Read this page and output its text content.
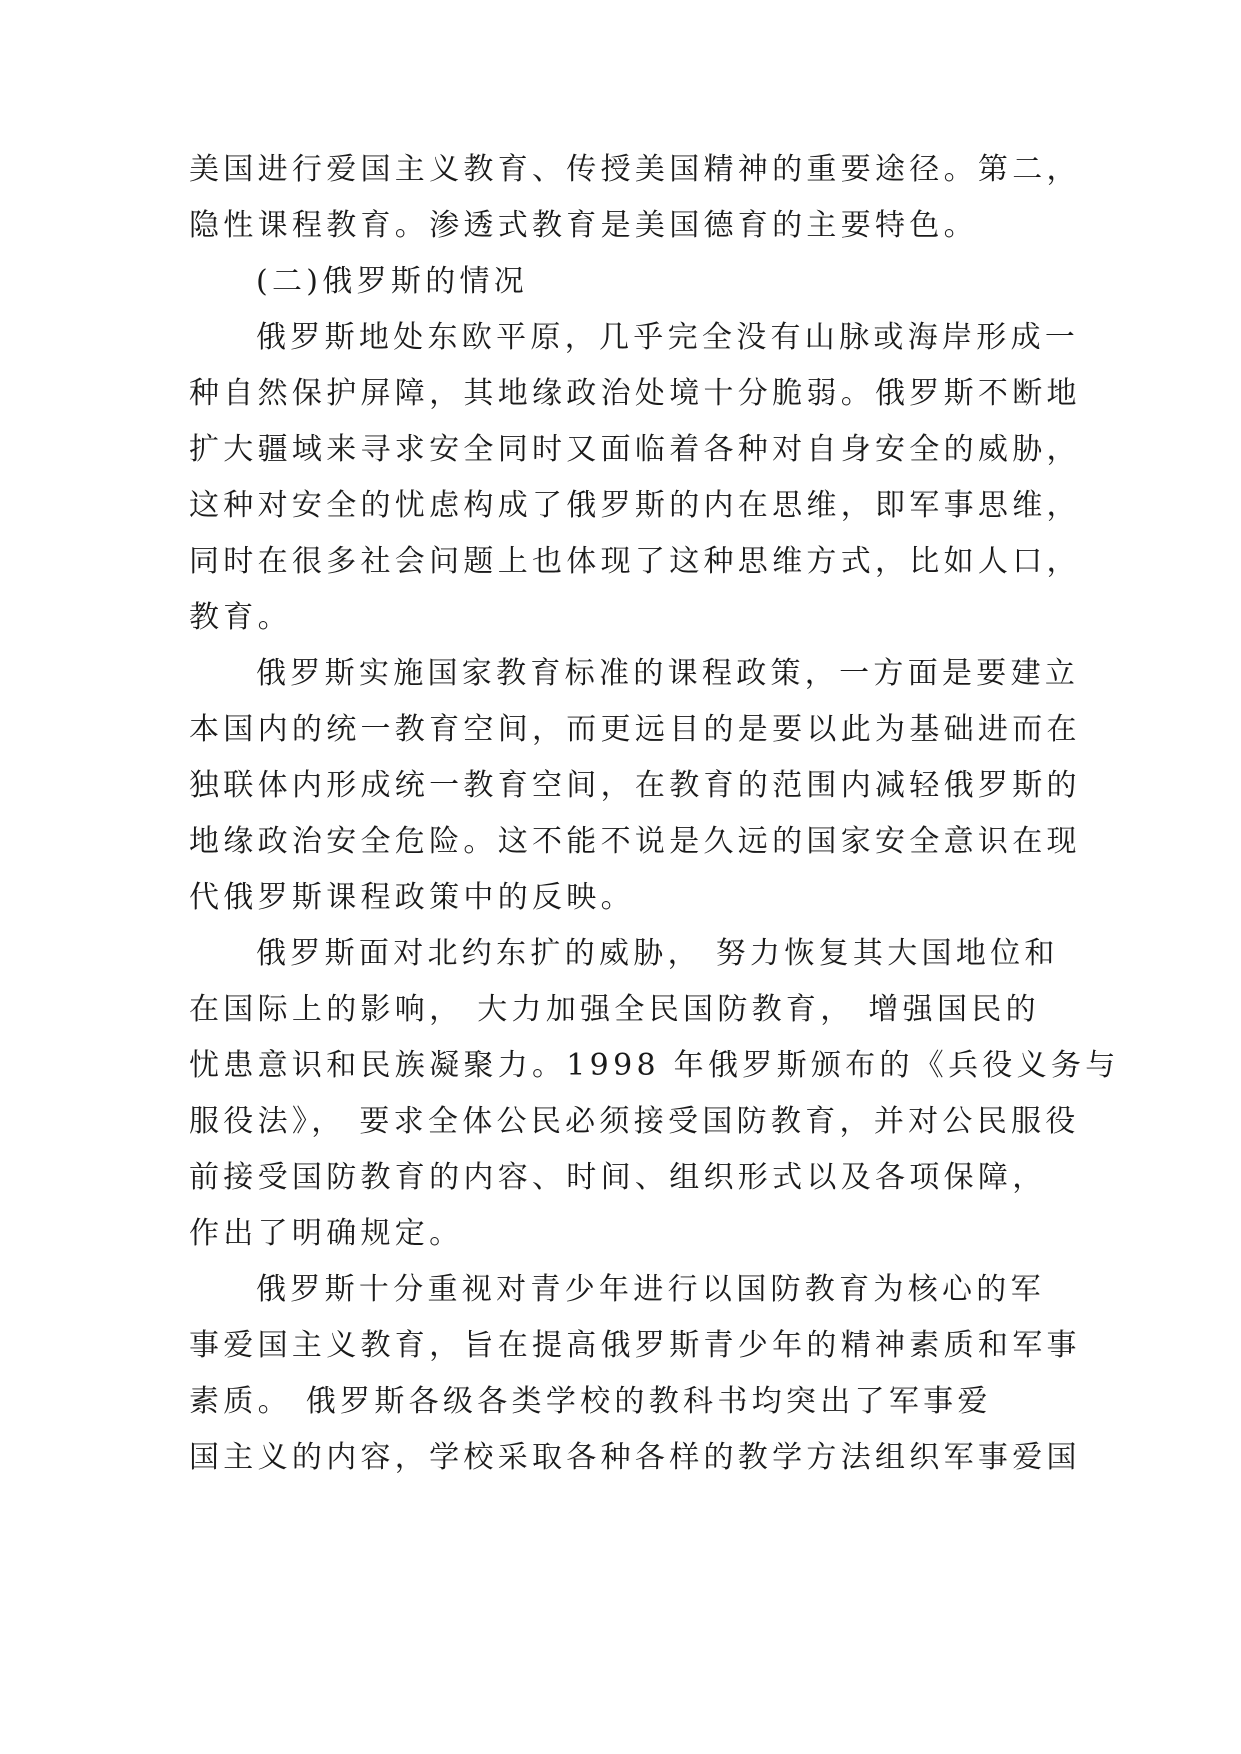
美国进行爱国主义教育、传授美国精神的重要途径。第二，
隐性课程教育。渗透式教育是美国德育的主要特色。
(二)俄罗斯的情况
俄罗斯地处东欧平原，几乎完全没有山脉或海岸形成一
种自然保护屏障，其地缘政治处境十分脆弱。俄罗斯不断地
扩大疆域来寻求安全同时又面临着各种对自身安全的威胁，
这种对安全的忧虑构成了俄罗斯的内在思维，即军事思维，
同时在很多社会问题上也体现了这种思维方式，比如人口，
教育。
俄罗斯实施国家教育标准的课程政策，一方面是要建立
本国内的统一教育空间，而更远目的是要以此为基础进而在
独联体内形成统一教育空间，在教育的范围内减轻俄罗斯的
地缘政治安全危险。这不能不说是久远的国家安全意识在现
代俄罗斯课程政策中的反映。
俄罗斯面对北约东扩的威胁， 努力恢复其大国地位和
在国际上的影响， 大力加强全民国防教育， 增强国民的
忧患意识和民族凝聚力。1998 年俄罗斯颁布的《兵役义务与
服役法》， 要求全体公民必须接受国防教育，并对公民服役
前接受国防教育的内容、时间、组织形式以及各项保障，
作出了明确规定。
俄罗斯十分重视对青少年进行以国防教育为核心的军
事爱国主义教育，旨在提高俄罗斯青少年的精神素质和军事
素质。 俄罗斯各级各类学校的教科书均突出了军事爱
国主义的内容，学校采取各种各样的教学方法组织军事爱国
